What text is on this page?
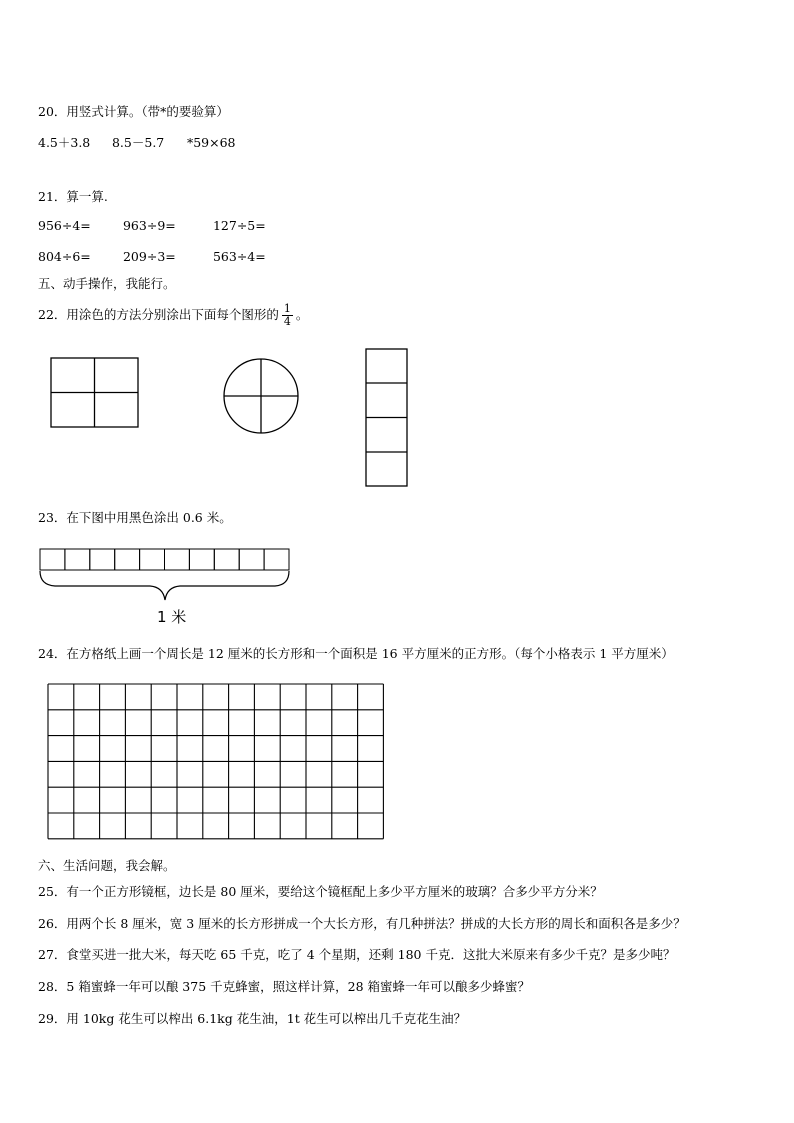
20．用竖式计算。（带*的要验算）
4.5＋3.8 8.5－5.7 *59×68
21．算一算.
956÷4=	963÷9=	127÷5=
804÷6=	209÷3=	563÷4=
五、动手操作，我能行。
22．用涂色的方法分别涂出下面每个图形的 $\frac{1}{4}$ 。
23．在下图中用黑色涂出 0.6 米。
1 米
24．在方格纸上画一个周长是 12 厘米的长方形和一个面积是 16 平方厘米的正方形。（每个小格表示 1 平方厘米）
六、生活问题，我会解。
25．有一个正方形镜框，边长是 80 厘米，要给这个镜框配上多少平方厘米的玻璃？合多少平方分米？
26．用两个长 8 厘米，宽 3 厘米的长方形拼成一个大长方形，有几种拼法？拼成的大长方形的周长和面积各是多少？
27．食堂买进一批大米，每天吃 65 千克，吃了 4 个星期，还剩 180 千克．这批大米原来有多少千克？是多少吨？
28．5 箱蜜蜂一年可以酿 375 千克蜂蜜，照这样计算，28 箱蜜蜂一年可以酿多少蜂蜜？
29．用 10kg 花生可以榨出 6.1kg 花生油，1t 花生可以榨出几千克花生油？
